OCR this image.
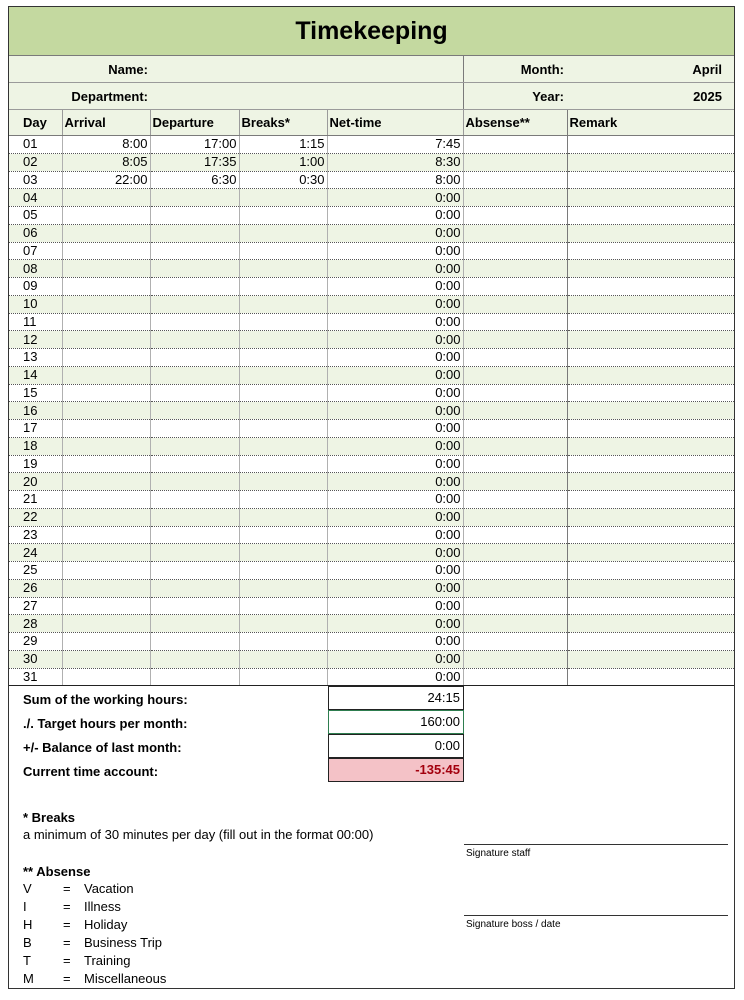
Timekeeping
Name:	Month:	April
Department:	Year:	2025
Day	Arrival	Departure	Breaks*	Net-time	Absense**	Remark
01	8:00	17:00	1:15	7:45		
02	8:05	17:35	1:00	8:30		
03	22:00	6:30	0:30	8:00		
04				0:00		
05				0:00		
06				0:00		
07				0:00		
08				0:00		
09				0:00		
10				0:00		
11				0:00		
12				0:00		
13				0:00		
14				0:00		
15				0:00		
16				0:00		
17				0:00		
18				0:00		
19				0:00		
20				0:00		
21				0:00		
22				0:00		
23				0:00		
24				0:00		
25				0:00		
26				0:00		
27				0:00		
28				0:00		
29				0:00		
30				0:00		
31				0:00		
Sum of the working hours:	24:15
./. Target hours per month:	160:00
+/- Balance of last month:	0:00
Current time account:	-135:45
* Breaks
a minimum of 30 minutes per day (fill out in the format 00:00)
** Absense
V = Vacation
I	= Illness
H = Holiday
B = Business Trip
T = Training
M = Miscellaneous
Signature staff
Signature boss / date
